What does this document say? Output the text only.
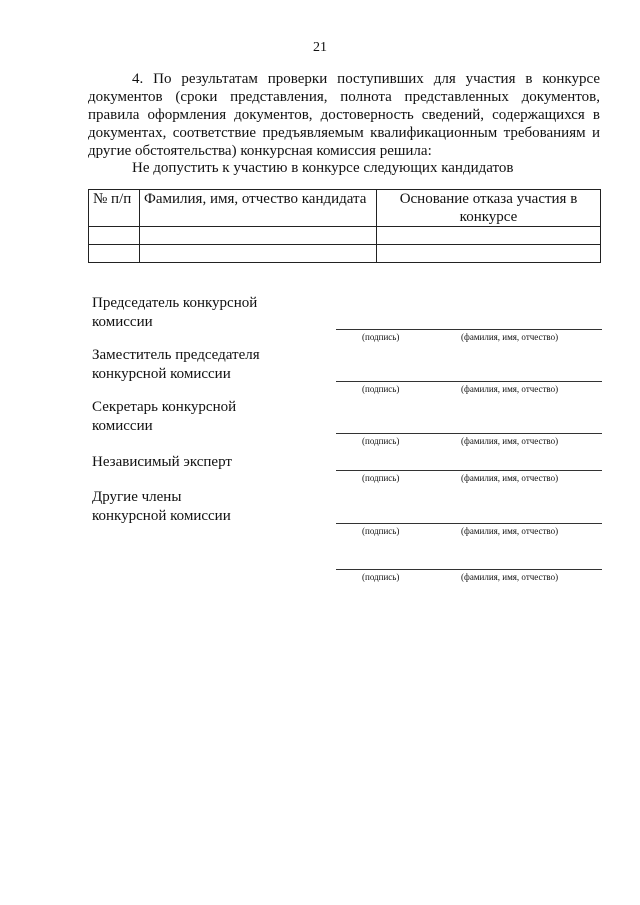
21

4. По результатам проверки поступивших для участия в конкурсе документов (сроки представления, полнота представленных документов, правила оформления документов, достоверность сведений, содержащихся в документах, соответствие предъявляемым квалификационным требованиям и другие обстоятельства) конкурсная комиссия решила:

Не допустить к участию в конкурсе следующих кандидатов

№ п/п	Фамилия, имя, отчество кандидата	Основание отказа участия в конкурсе

Председатель конкурсной комиссии

(подпись)	(фамилия, имя, отчество)

Заместитель председателя конкурсной комиссии

(подпись)	(фамилия, имя, отчество)

Секретарь конкурсной комиссии

(подпись)	(фамилия, имя, отчество)

Независимый эксперт

(подпись)	(фамилия, имя, отчество)

Другие члены конкурсной комиссии

(подпись)	(фамилия, имя, отчество)
(подпись)	(фамилия, имя, отчество)
